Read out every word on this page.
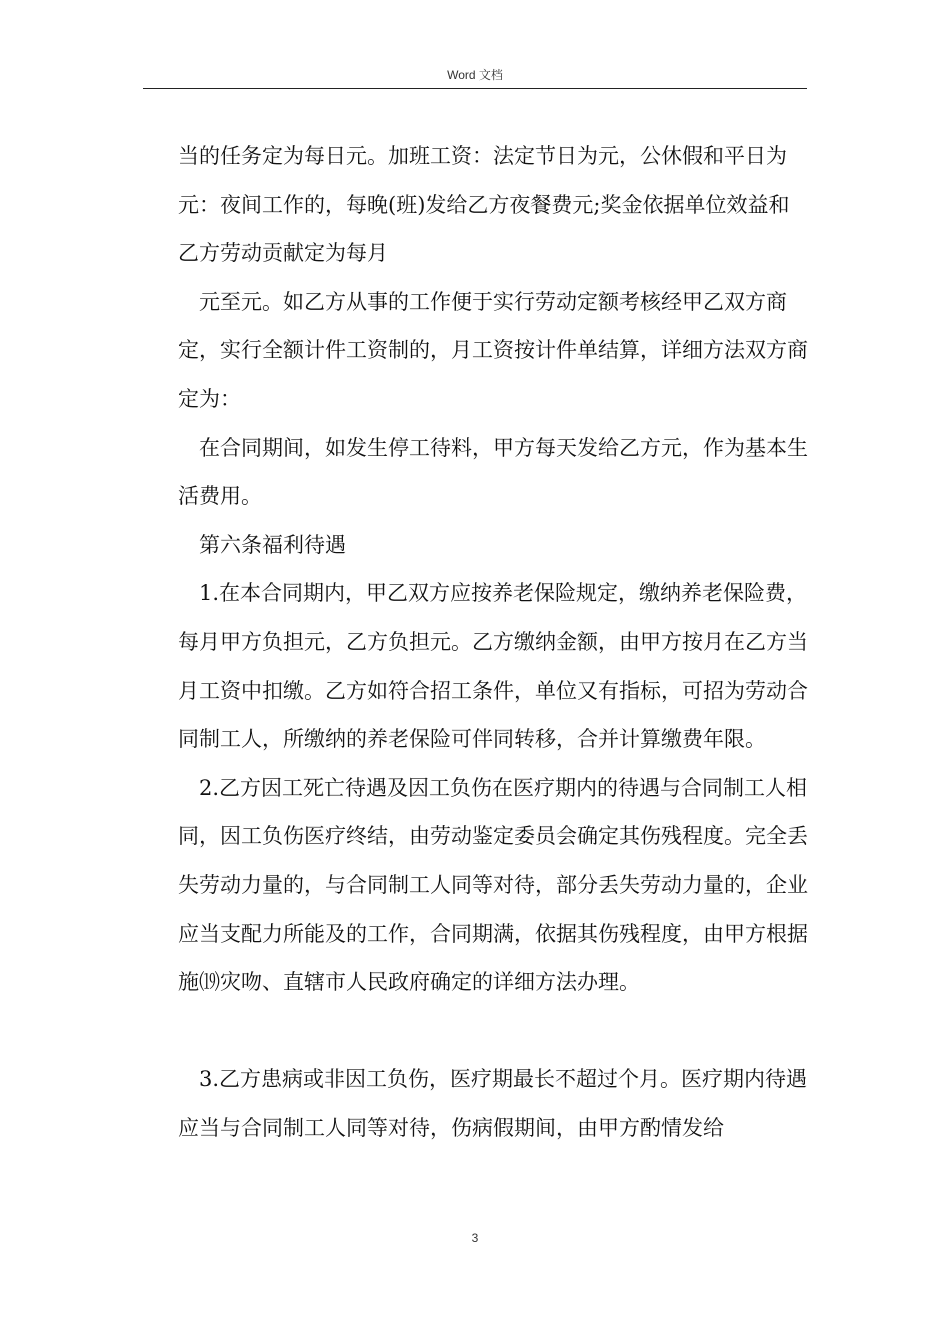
Word 文档

当的任务定为每日元。加班工资：法定节日为元，公休假和平日为元：夜间工作的，每晚(班)发给乙方夜餐费元;奖金依据单位效益和乙方劳动贡献定为每月

元至元。如乙方从事的工作便于实行劳动定额考核经甲乙双方商定，实行全额计件工资制的，月工资按计件单结算，详细方法双方商定为：

在合同期间，如发生停工待料，甲方每天发给乙方元，作为基本生活费用。

第六条福利待遇

1.在本合同期内，甲乙双方应按养老保险规定，缴纳养老保险费，每月甲方负担元，乙方负担元。乙方缴纳金额，由甲方按月在乙方当月工资中扣缴。乙方如符合招工条件，单位又有指标，可招为劳动合同制工人，所缴纳的养老保险可伴同转移，合并计算缴费年限。

2.乙方因工死亡待遇及因工负伤在医疗期内的待遇与合同制工人相同，因工负伤医疗终结，由劳动鉴定委员会确定其伤残程度。完全丢失劳动力量的，与合同制工人同等对待，部分丢失劳动力量的，企业应当支配力所能及的工作，合同期满，依据其伤残程度，由甲方根据施⒆灾吻、直辖市人民政府确定的详细方法办理。

3.乙方患病或非因工负伤，医疗期最长不超过个月。医疗期内待遇应当与合同制工人同等对待，伤病假期间，由甲方酌情发给

3
